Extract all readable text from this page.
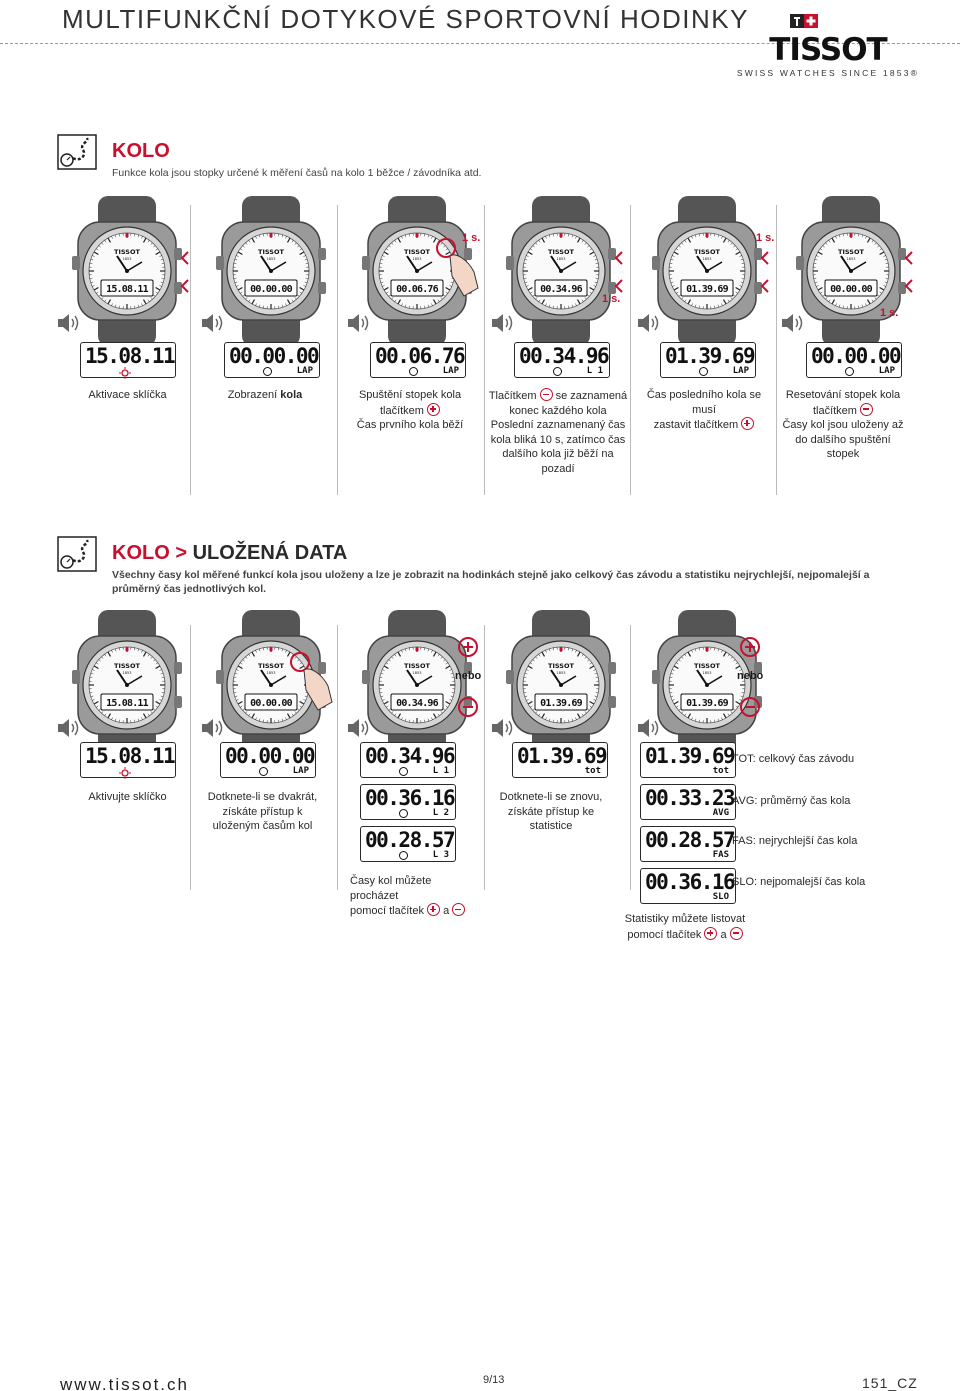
MULTIFUNKČNÍ DOTYKOVÉ SPORTOVNÍ HODINKY
TISSOT
SWISS WATCHES SINCE 1853®
KOLO
Funkce kola jsou stopky určené k měření časů na kolo 1 běžce / závodníka atd.
TISSOT
1853
15.08.11
TISSOT
1853
00.00.00
TISSOT
1853
00.06.76
TISSOT
1853
00.34.96
TISSOT
1853
01.39.69
TISSOT
1853
00.00.00
15.08.11	00.00.00
LAP
00.06.76
LAP
00.34.96
L 1
01.39.69
LAP
00.00.00
LAP
1 s.
1 s.
1 s.
1 s.
Aktivace sklíčka	Zobrazení kola	Spuštění stopek kola
tlačítkem
Čas prvního kola běží
Tlačítkem se zaznamená
konec každého kola Poslední zaznamenaný čas kola bliká 10 s, zatímco čas dalšího kola již běží na pozadí
Čas posledního kola se musí
zastavit tlačítkem
Resetování stopek kola
tlačítkem
Časy kol jsou uloženy až do dalšího spuštění stopek
KOLO > ULOŽENÁ DATA
Všechny časy kol měřené funkcí kola jsou uloženy a lze je zobrazit na hodinkách stejně jako celkový čas závodu a statistiku nejrychlejší, nejpomalejší a průměrný čas jednotlivých kol.
TISSOT
1853
15.08.11
TISSOT
1853
00.00.00
TISSOT
1853
00.34.96
TISSOT
1853
01.39.69
TISSOT
1853
01.39.69
nebo	nebo
15.08.11 00.00.00
LAP
00.34.96
L 1
00.36.16
L 2
00.28.57
L 3
01.39.69
tot
01.39.69
tot
00.33.23
AVG
00.28.57
FAS
00.36.16
SLO
TOT: celkový čas závodu
AVG: průměrný čas kola
FAS: nejrychlejší čas kola
SLO: nejpomalejší čas kola
Aktivujte sklíčko	Dotknete-li se dvakrát, získáte přístup k uloženým časům kol
Časy kol můžete procházet
pomocí tlačítek a
Dotknete-li se znovu, získáte přístup ke statistice
Statistiky můžete listovat
pomocí tlačítek a
www.tissot.ch	9/13	151_CZ
